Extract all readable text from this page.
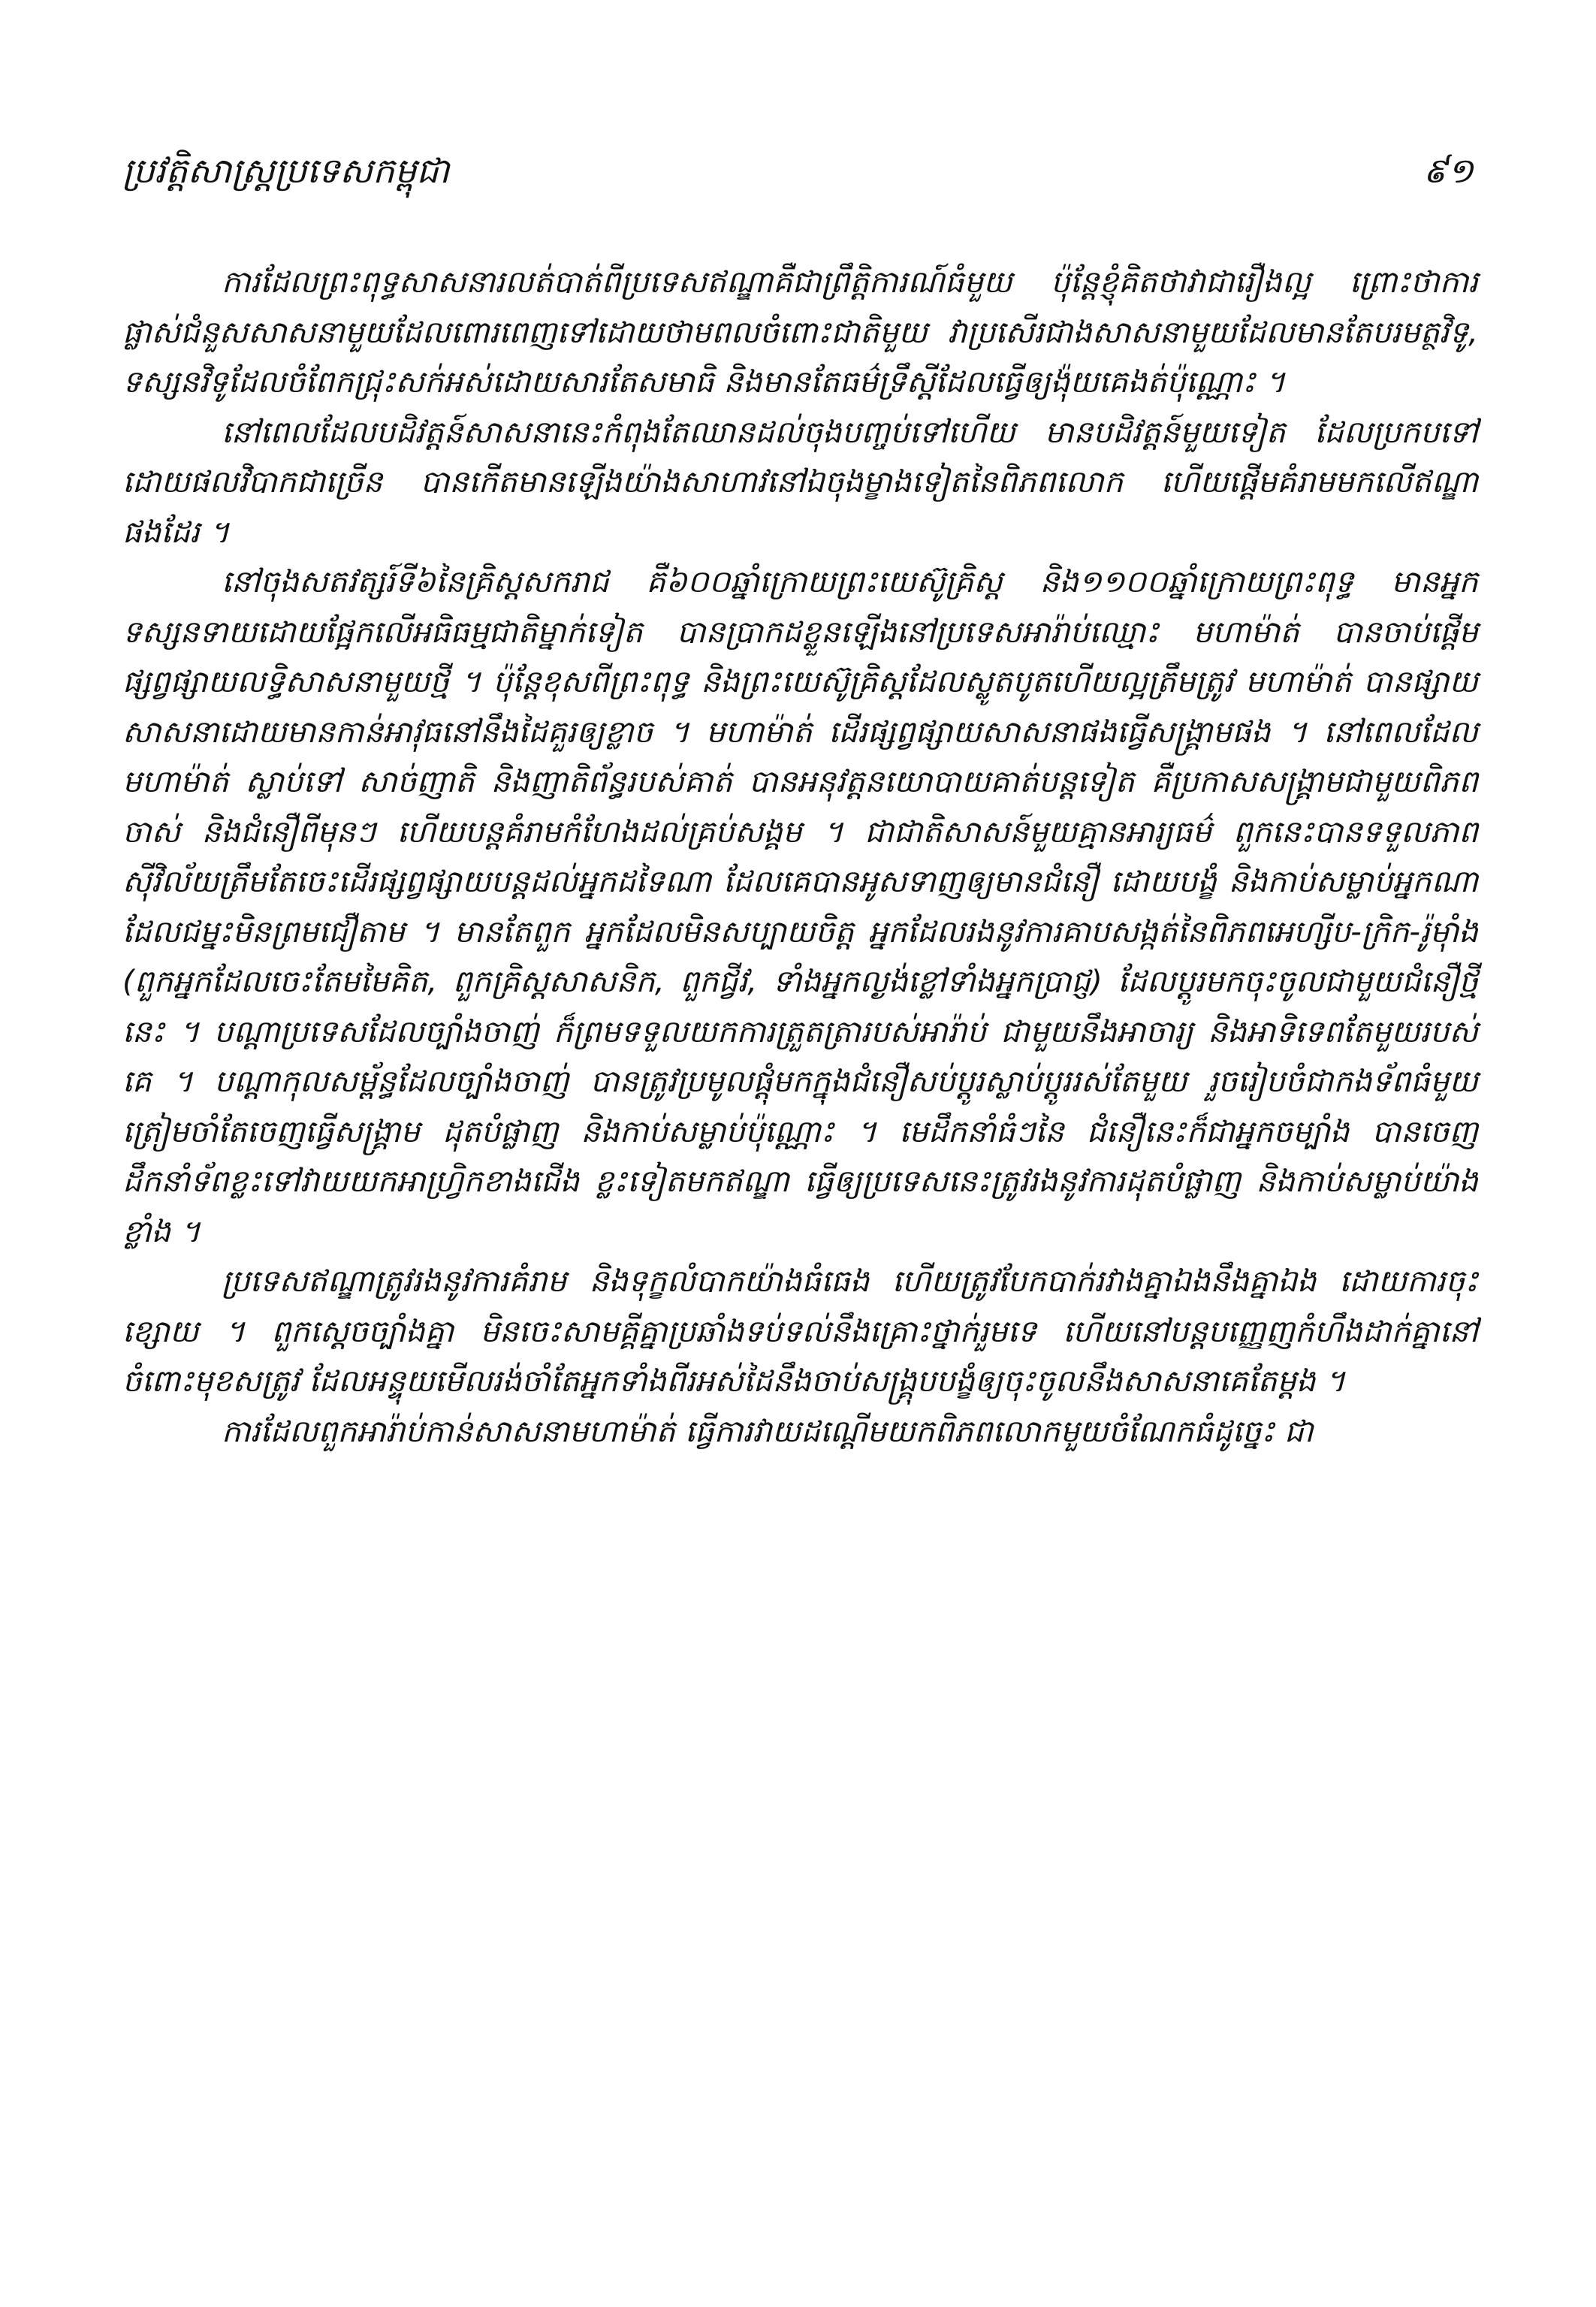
ប្រវត្តិសាស្ត្រប្រទេសកម្ពុជា	៩១

ការដែលព្រះពុទ្ធសាសនារលត់បាត់ពីប្រទេសឥណ្ឌាគឺជាព្រឹត្តិការណ៍ធំមួយ ប៉ុន្តែខ្ញុំគិតថាវាជារឿងល្អ ព្រោះថាការផ្លាស់ជំនួសសាសនាមួយដែលពោរពេញទៅដោយថាមពលចំពោះជាតិមួយ វាប្រសើរជាងសាសនាមួយដែលមានតែបរមត្ថវិទូ, ទស្សនវិទូដែលចំពែកជ្រុះសក់អស់ដោយសារតែសមាធិ និងមានតែធម៌ទ្រឹស្តីដែលធ្វើឲ្យង៉ុយគេងត់ប៉ុណ្ណោះ ។

នៅពេលដែលបដិវត្តន៍សាសនានេះកំពុងតែឈានដល់ចុងបញ្ចប់ទៅហើយ មានបដិវត្តន៍មួយទៀត ដែលប្រកបទៅដោយផលវិបាកជាច្រើន បានកើតមានឡើងយ៉ាងសាហាវនៅឯចុងម្ខាងទៀតនៃពិភពលោក ហើយផ្តើមគំរាមមកលើឥណ្ឌាផងដែរ ។

នៅចុងសតវត្សរ៍ទី៦នៃគ្រិស្តសករាជ គឺ៦០០ឆ្នាំក្រោយព្រះយេស៊ូគ្រិស្ត និង១១០០ឆ្នាំក្រោយព្រះពុទ្ធ មានអ្នកទស្សនទាយដោយផ្អែកលើអធិធម្មជាតិម្នាក់ទៀត បានប្រាកដខ្លួនឡើងនៅប្រទេសអារ៉ាប់ឈ្មោះ មហាម៉ាត់ បានចាប់ផ្តើមផ្សព្វផ្សាយលទ្ធិសាសនាមួយថ្មី ។ ប៉ុន្តែខុសពីព្រះពុទ្ធ និងព្រះយេស៊ូគ្រិស្តដែលស្លូតបូតហើយល្អត្រឹមត្រូវ មហាម៉ាត់ បានផ្សាយសាសនាដោយមានកាន់អាវុធនៅនឹងដៃគួរឲ្យខ្លាច ។ មហាម៉ាត់ ដើរផ្សព្វផ្សាយសាសនាផងធ្វើសង្គ្រាមផង ។ នៅពេលដែល មហាម៉ាត់ ស្លាប់ទៅ សាច់ញាតិ និងញាតិព័ន្ធរបស់គាត់ បានអនុវត្តនយោបាយគាត់បន្តទៀត គឺប្រកាសសង្គ្រាមជាមួយពិភពចាស់ និងជំនឿពីមុនៗ ហើយបន្តគំរាមកំហែងដល់គ្រប់សង្គម ។ ជាជាតិសាសន៍មួយគ្មានអារ្យធម៌ ពួកនេះបានទទួលភាពស៊ីវិល័យត្រឹមតែចេះដើរផ្សព្វផ្សាយបន្តដល់អ្នកដទៃណា ដែលគេបានអូសទាញឲ្យមានជំនឿ ដោយបង្ខំ និងកាប់សម្លាប់អ្នកណាដែលជម្នះមិនព្រមជឿតាម ។ មានតែពួក អ្នកដែលមិនសប្បាយចិត្ត អ្នកដែលរងនូវការគាបសង្កត់នៃពិភពអេហ្សីប-ក្រិក-រ៉ូម៉ាំង (ពួកអ្នកដែលចេះតែមមៃគិត, ពួកគ្រិស្តសាសនិក, ពួកជ្វីវ, ទាំងអ្នកល្ងង់ខ្លៅទាំងអ្នកប្រាជ្ញ) ដែលប្តូរមកចុះចូលជាមួយជំនឿថ្មីនេះ ។ បណ្តាប្រទេសដែលច្បាំងចាញ់ ក៏ព្រមទទួលយកការត្រួតត្រារបស់អារ៉ាប់ ជាមួយនឹងអាចារ្យ និងអាទិទេពតែមួយរបស់គេ ។ បណ្តាកុលសម្ព័ន្ធដែលច្បាំងចាញ់ បានត្រូវប្រមូលផ្តុំមកក្នុងជំនឿសប់ប្តូរស្លាប់ប្តូររស់តែមួយ រួចរៀបចំជាកងទ័ពធំមួយ ត្រៀមចាំតែចេញធ្វើសង្គ្រាម ដុតបំផ្លាញ និងកាប់សម្លាប់ប៉ុណ្ណោះ ។ មេដឹកនាំធំៗនៃ ជំនឿនេះក៏ជាអ្នកចម្បាំង បានចេញដឹកនាំទ័ពខ្លះទៅវាយយកអាហ្វ្រិកខាងជើង ខ្លះទៀតមកឥណ្ឌា ធ្វើឲ្យប្រទេសនេះត្រូវរងនូវការដុតបំផ្លាញ និងកាប់សម្លាប់យ៉ាងខ្លាំង ។

ប្រទេសឥណ្ឌាត្រូវរងនូវការគំរាម និងទុក្ខលំបាកយ៉ាងធំធេង ហើយត្រូវបែកបាក់រវាងគ្នាឯងនឹងគ្នាឯង ដោយការចុះខ្សោយ ។ ពួកស្តេចច្បាំងគ្នា មិនចេះសាមគ្គីគ្នាប្រឆាំងទប់ទល់នឹងគ្រោះថ្នាក់រួមទេ ហើយនៅបន្តបញ្ញេញកំហឹងដាក់គ្នានៅចំពោះមុខសត្រូវ ដែលអន្ទុយមើលរង់ចាំតែអ្នកទាំងពីរអស់ដៃនឹងចាប់សង្គ្រុបបង្ខំឲ្យចុះចូលនឹងសាសនាគេតែម្តង ។

ការដែលពួកអារ៉ាប់កាន់សាសនាមហាម៉ាត់ ធ្វើការវាយដណ្តើមយកពិភពលោកមួយចំណែកធំដូច្នេះ ជា
